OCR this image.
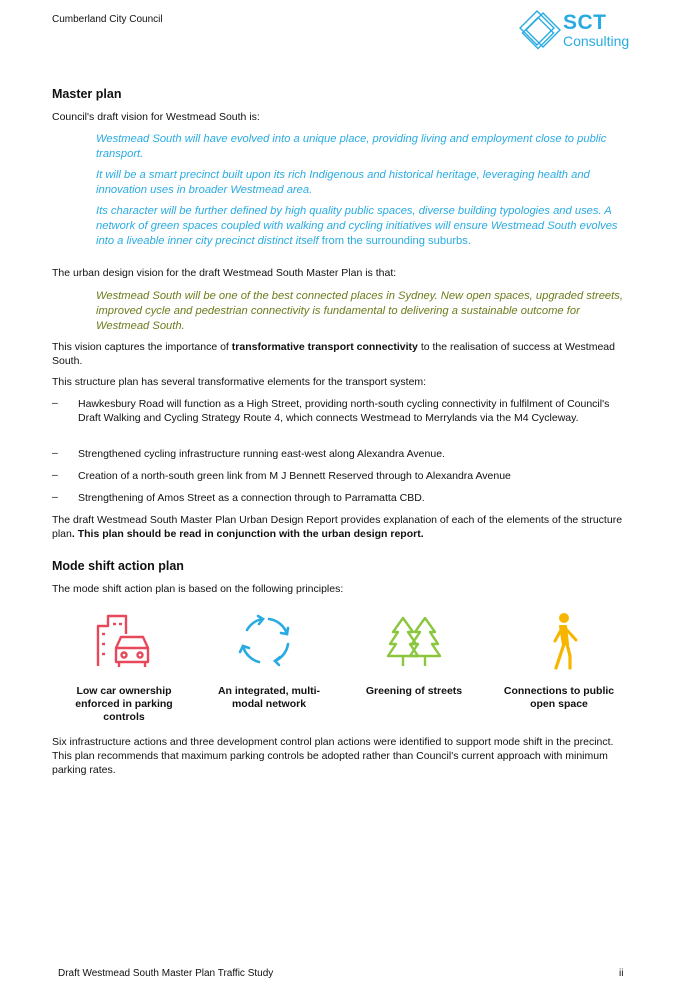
Cumberland City Council	SCT
Consulting
Master plan

Council's draft vision for Westmead South is:

Westmead South will have evolved into a unique place, providing living and employment close to public transport.

It will be a smart precinct built upon its rich Indigenous and historical heritage, leveraging health and innovation uses in broader Westmead area.

Its character will be further defined by high quality public spaces, diverse building typologies and uses. A network of green spaces coupled with walking and cycling initiatives will ensure Westmead South evolves into a liveable inner city precinct distinct itself from the surrounding suburbs.

The urban design vision for the draft Westmead South Master Plan is that:

Westmead South will be one of the best connected places in Sydney. New open spaces, upgraded streets, improved cycle and pedestrian connectivity is fundamental to delivering a sustainable outcome for Westmead South.

This vision captures the importance of transformative transport connectivity to the realisation of success at Westmead South.

This structure plan has several transformative elements for the transport system:

– Hawkesbury Road will function as a High Street, providing north-south cycling connectivity in fulfilment of Council's Draft Walking and Cycling Strategy Route 4, which connects Westmead to Merrylands via the M4 Cycleway.

– Strengthened cycling infrastructure running east-west along Alexandra Avenue.

– Creation of a north-south green link from M J Bennett Reserved through to Alexandra Avenue

– Strengthening of Amos Street as a connection through to Parramatta CBD.

The draft Westmead South Master Plan Urban Design Report provides explanation of each of the elements of the structure plan. This plan should be read in conjunction with the urban design report.

Mode shift action plan

The mode shift action plan is based on the following principles:

Low car ownership enforced in parking controls
An integrated, multi-modal network
Greening of streets	Connections to public open space

Six infrastructure actions and three development control plan actions were identified to support mode shift in the precinct. This plan recommends that maximum parking controls be adopted rather than Council's current approach with minimum parking rates.

Draft Westmead South Master Plan Traffic Study	ii
